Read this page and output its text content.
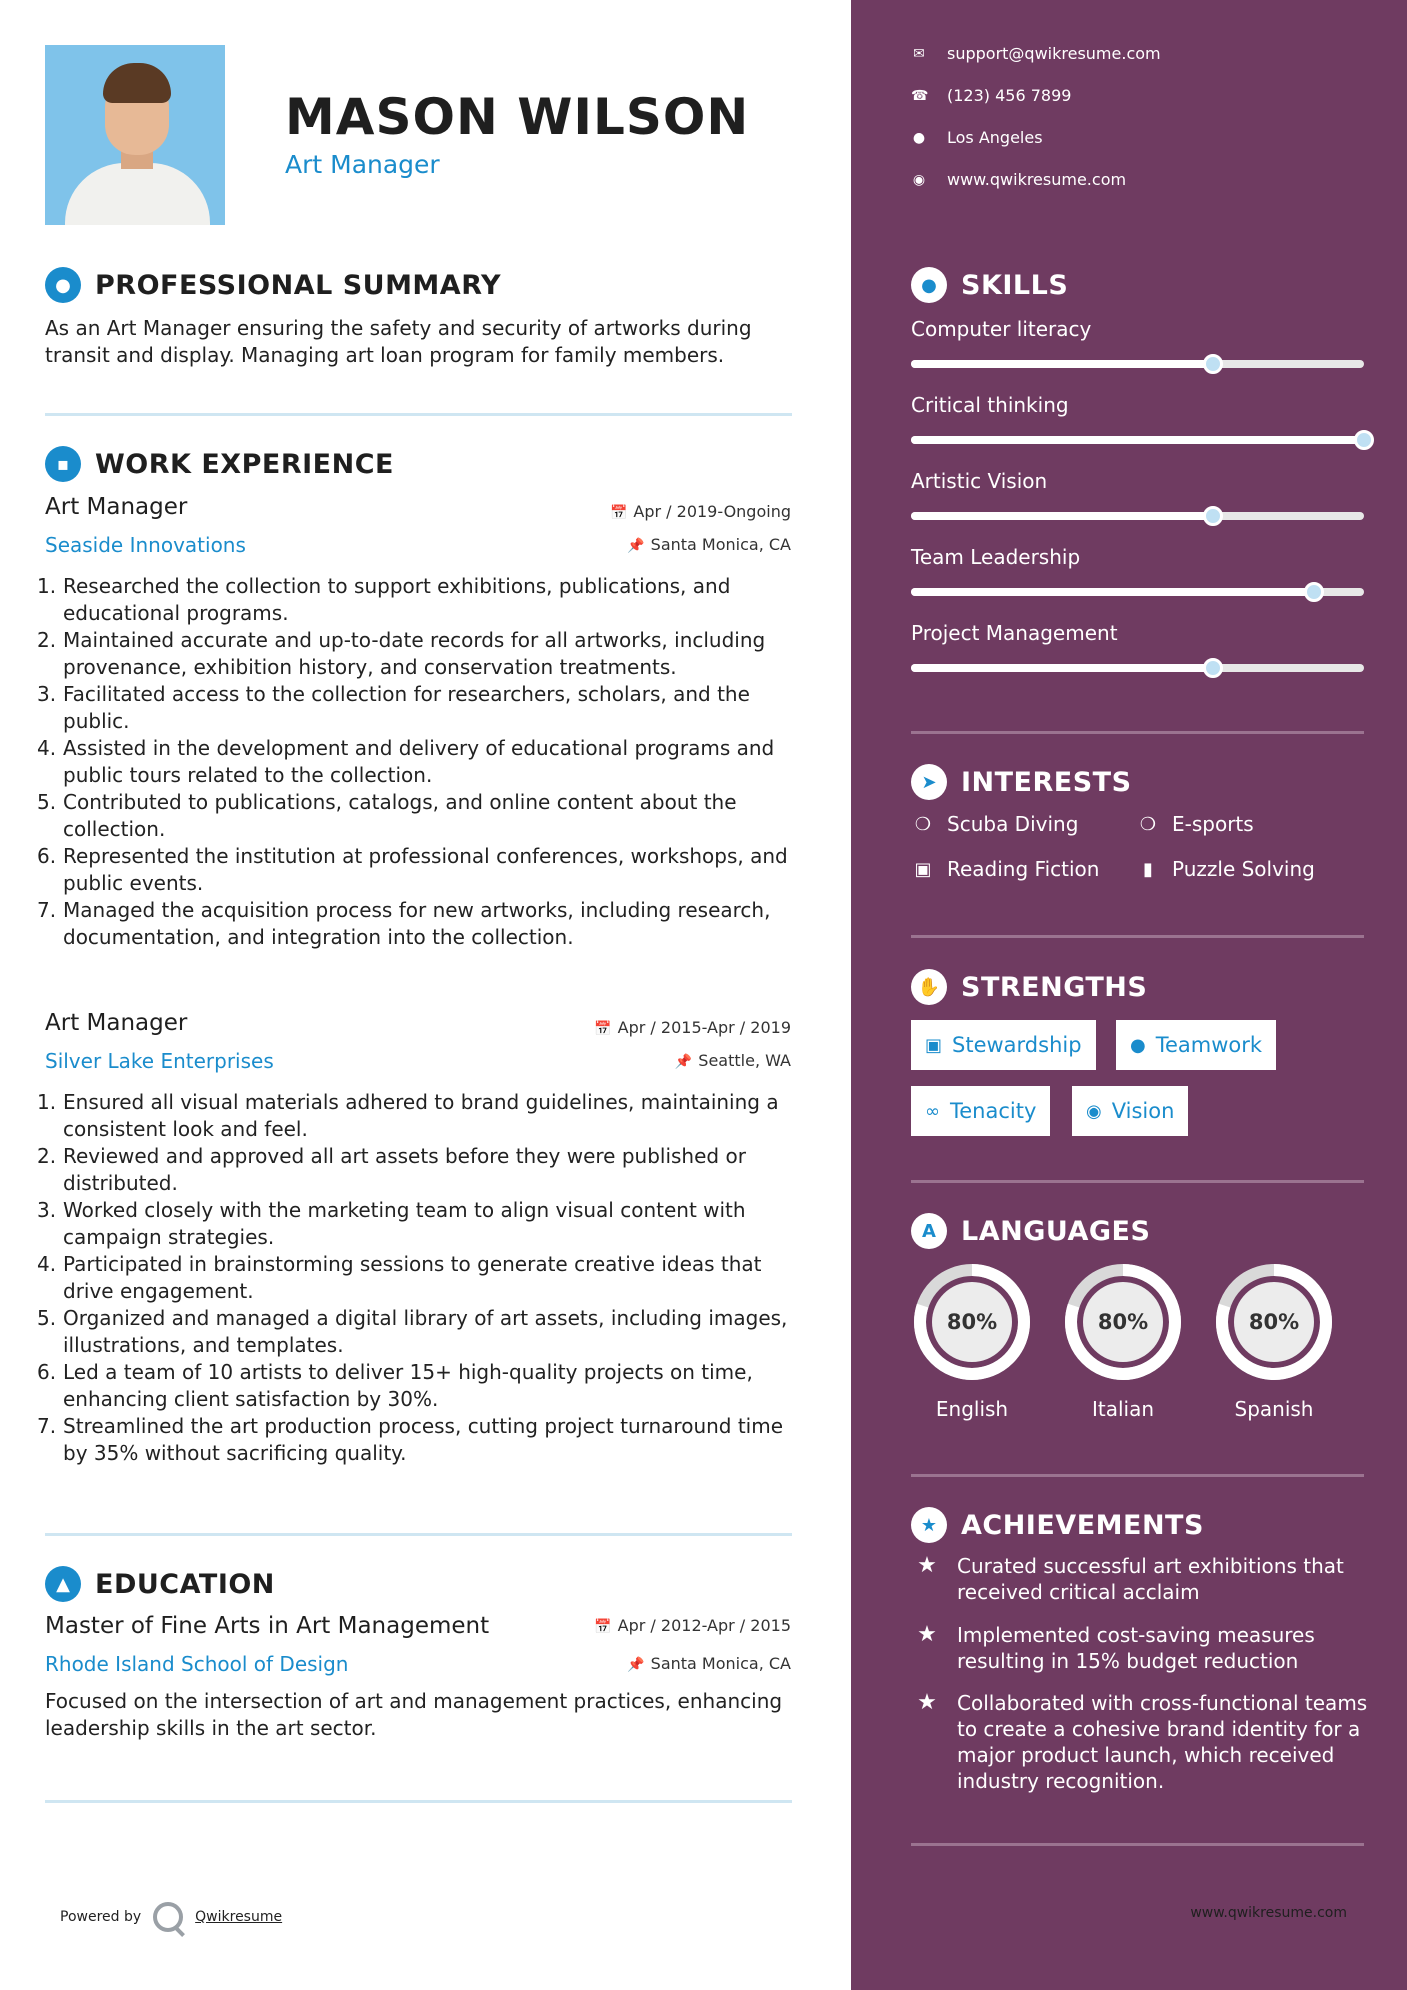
MASON WILSON
Art Manager
● PROFESSIONAL SUMMARY
As an Art Manager ensuring the safety and security of artworks during transit and display. Managing art loan program for family members.
▪ WORK EXPERIENCE
Art Manager	📅 Apr / 2019-Ongoing
Seaside Innovations	📌 Santa Monica, CA
1. Researched the collection to support exhibitions, publications, and educational programs.
2. Maintained accurate and up-to-date records for all artworks, including provenance, exhibition history, and conservation treatments.
3. Facilitated access to the collection for researchers, scholars, and the public.
4. Assisted in the development and delivery of educational programs and public tours related to the collection.
5. Contributed to publications, catalogs, and online content about the collection.
6. Represented the institution at professional conferences, workshops, and public events.
7. Managed the acquisition process for new artworks, including research, documentation, and integration into the collection.
Art Manager	📅 Apr / 2015-Apr / 2019
Silver Lake Enterprises	📌 Seattle, WA
1. Ensured all visual materials adhered to brand guidelines, maintaining a consistent look and feel.
2. Reviewed and approved all art assets before they were published or distributed.
3. Worked closely with the marketing team to align visual content with campaign strategies.
4. Participated in brainstorming sessions to generate creative ideas that drive engagement.
5. Organized and managed a digital library of art assets, including images, illustrations, and templates.
6. Led a team of 10 artists to deliver 15+ high-quality projects on time, enhancing client satisfaction by 30%.
7. Streamlined the art production process, cutting project turnaround time by 35% without sacrificing quality.
▲ EDUCATION
Master of Fine Arts in Art Management	📅 Apr / 2012-Apr / 2015
Rhode Island School of Design	📌 Santa Monica, CA
Focused on the intersection of art and management practices, enhancing leadership skills in the art sector.
Powered by	Qwikresume
✉ support@qwikresume.com
☎ (123) 456 7899
● Los Angeles
◉ www.qwikresume.com
● SKILLS
Computer literacy
Critical thinking
Artistic Vision
Team Leadership
Project Management
➤ INTERESTS
❍ Scuba Diving	❍ E-sports
▣ Reading Fiction	▮ Puzzle Solving
✋ STRENGTHS
▣ Stewardship	● Teamwork
∞ Tenacity	◉ Vision
A LANGUAGES
80%
English
80%
Italian
80%
Spanish
★ ACHIEVEMENTS
★	Curated successful art exhibitions that received critical acclaim
★	Implemented cost-saving measures resulting in 15% budget reduction
★	Collaborated with cross-functional teams to create a cohesive brand identity for a major product launch, which received industry recognition.
www.qwikresume.com
